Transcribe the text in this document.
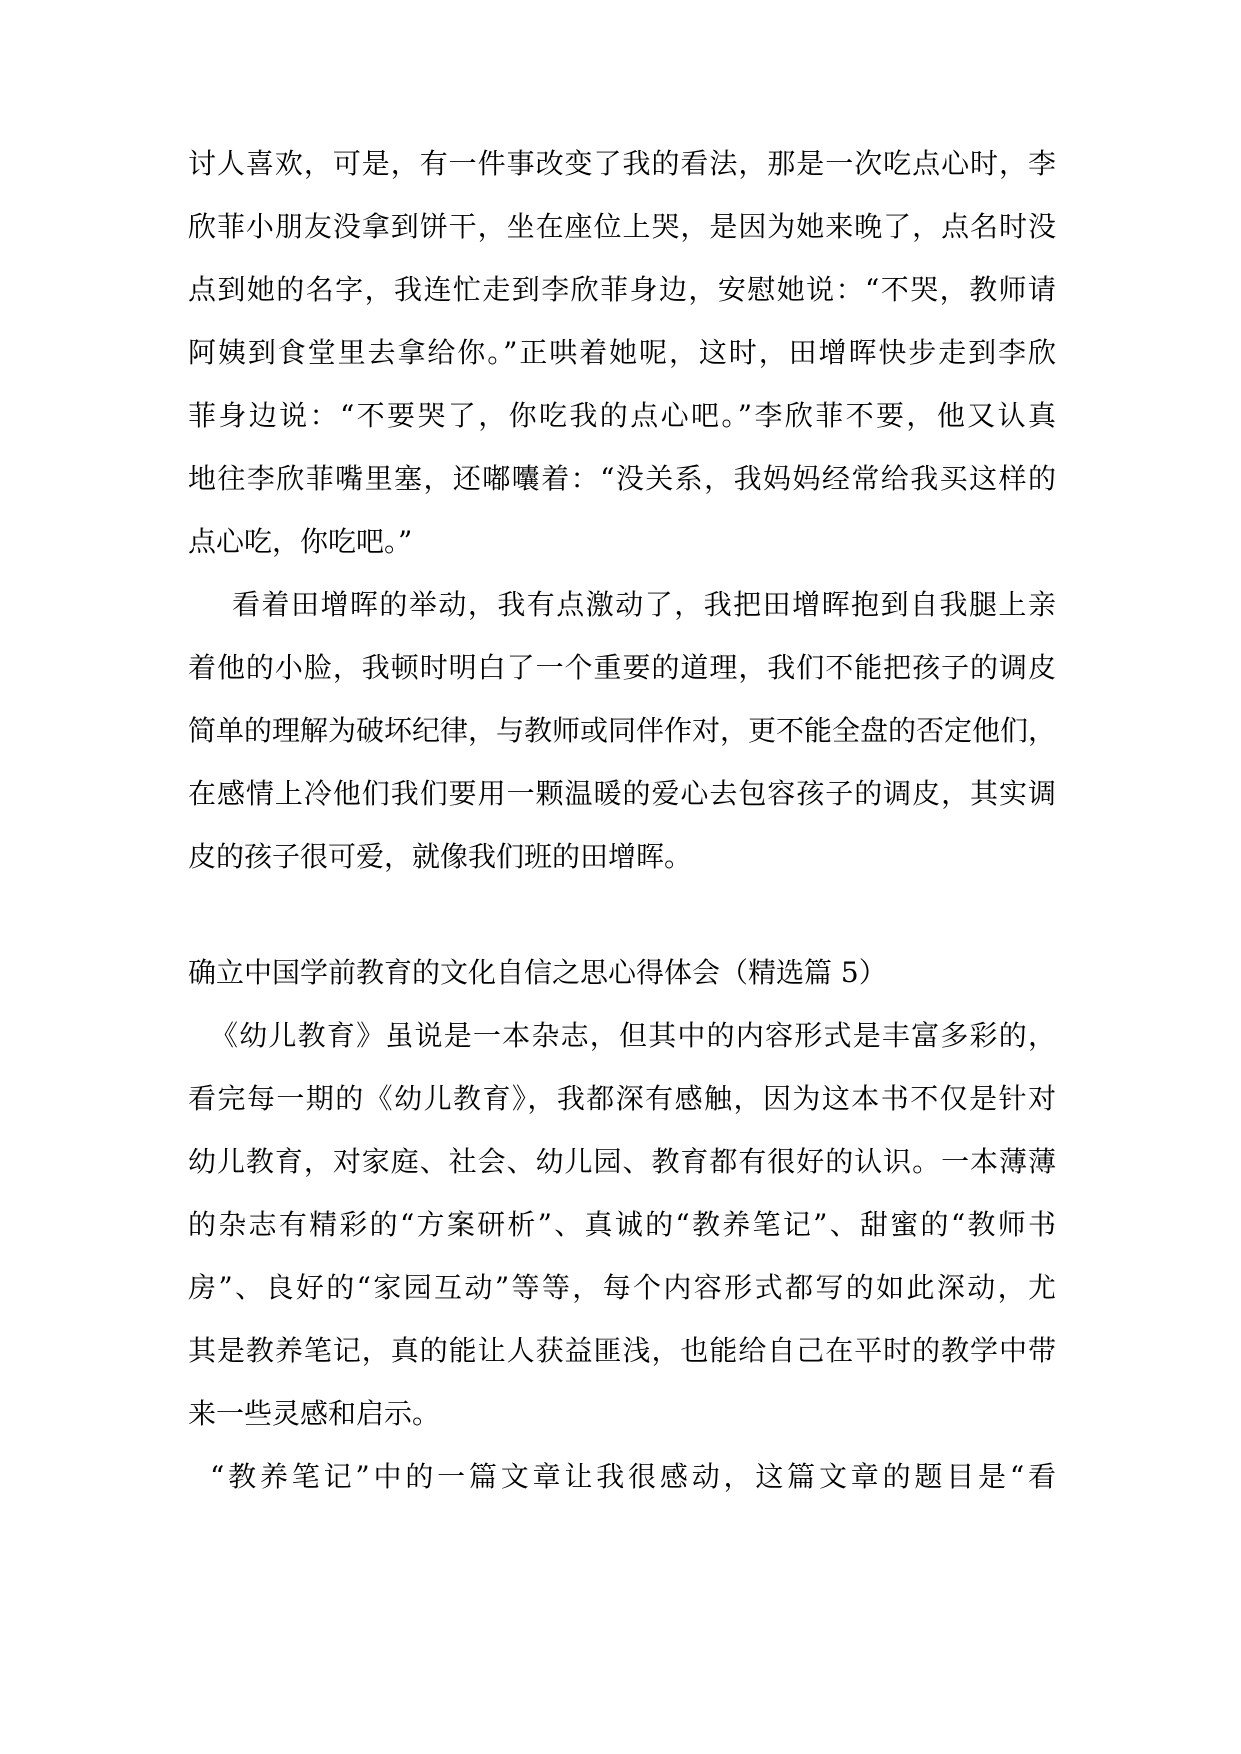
讨人喜欢，可是，有一件事改变了我的看法，那是一次吃点心时，李
欣菲小朋友没拿到饼干，坐在座位上哭，是因为她来晚了，点名时没
点到她的名字，我连忙走到李欣菲身边，安慰她说：“不哭，教师请
阿姨到食堂里去拿给你。”正哄着她呢，这时，田增晖快步走到李欣
菲身边说：“不要哭了，你吃我的点心吧。”李欣菲不要，他又认真
地往李欣菲嘴里塞，还嘟囔着：“没关系，我妈妈经常给我买这样的
点心吃，你吃吧。”
看着田增晖的举动，我有点激动了，我把田增晖抱到自我腿上亲
着他的小脸，我顿时明白了一个重要的道理，我们不能把孩子的调皮
简单的理解为破坏纪律，与教师或同伴作对，更不能全盘的否定他们，
在感情上冷他们我们要用一颗温暖的爱心去包容孩子的调皮，其实调
皮的孩子很可爱，就像我们班的田增晖。
确立中国学前教育的文化自信之思心得体会（精选篇 5）
《幼儿教育》虽说是一本杂志，但其中的内容形式是丰富多彩的，
看完每一期的《幼儿教育》，我都深有感触，因为这本书不仅是针对
幼儿教育，对家庭、社会、幼儿园、教育都有很好的认识。一本薄薄
的杂志有精彩的“方案研析”、真诚的“教养笔记”、甜蜜的“教师书
房”、良好的“家园互动”等等，每个内容形式都写的如此深动，尤
其是教养笔记，真的能让人获益匪浅，也能给自己在平时的教学中带
来一些灵感和启示。
“教养笔记”中的一篇文章让我很感动，这篇文章的题目是“看
